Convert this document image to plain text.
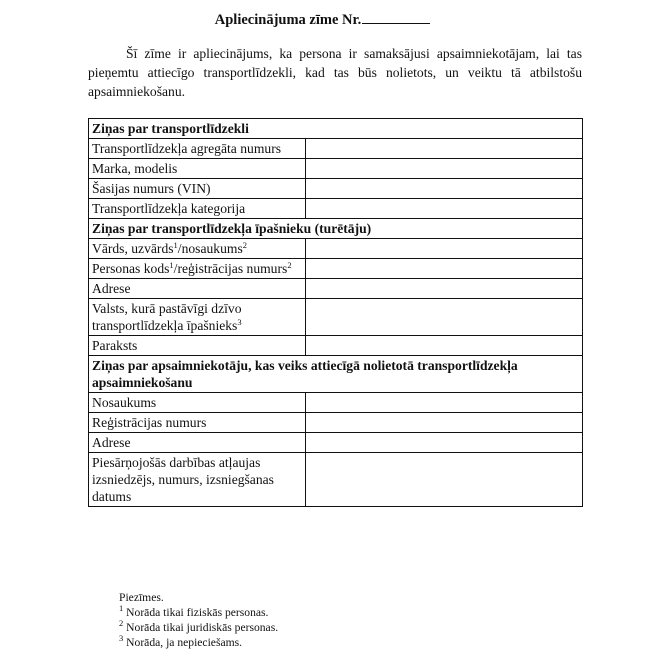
Apliecinājuma zīme Nr.

Šī zīme ir apliecinājums, ka persona ir samaksājusi apsaimniekotājam, lai tas pieņemtu attiecīgo transportlīdzekli, kad tas būs nolietots, un veiktu tā atbilstošu apsaimniekošanu.

Ziņas par transportlīdzekli	
Transportlīdzekļa agregāta numurs	
Marka, modelis	
Šasijas numurs (VIN)	
Transportlīdzekļa kategorija	
Ziņas par transportlīdzekļa īpašnieku (turētāju)	
Vārds, uzvārds$^1$/nosaukums$^2$	
Personas kods$^1$/reģistrācijas numurs$^2$	
Adrese	
Valsts, kurā pastāvīgi dzīvo transportlīdzekļa īpašnieks$^3$	
Paraksts	
Ziņas par apsaimniekotāju, kas veiks attiecīgā nolietotā transportlīdzekļa apsaimniekošanu	
Nosaukums	
Reģistrācijas numurs	
Adrese	
Piesārņojošās darbības atļaujas izsniedzējs, numurs, izsniegšanas datums	
Piezīmes.
$^1$ Norāda tikai fiziskās personas.
$^2$ Norāda tikai juridiskās personas.
$^3$ Norāda, ja nepieciešams.
